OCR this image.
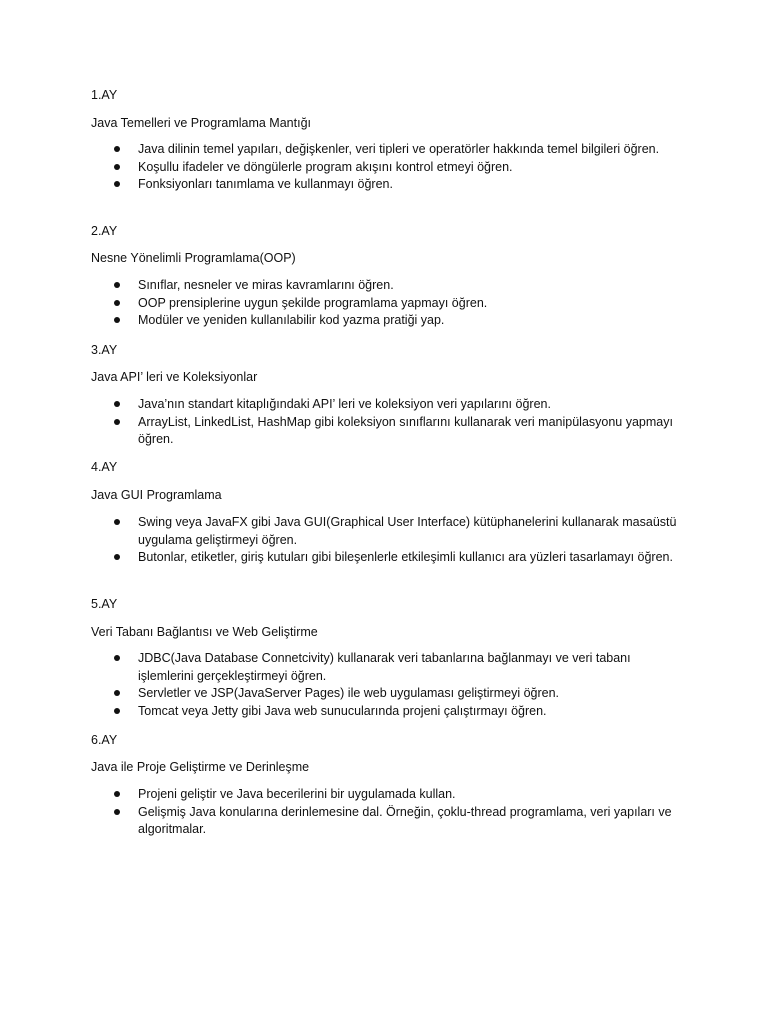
1.AY
Java Temelleri ve Programlama Mantığı
Java dilinin temel yapıları, değişkenler, veri tipleri ve operatörler hakkında temel bilgileri öğren.
Koşullu ifadeler ve döngülerle program akışını kontrol etmeyi öğren.
Fonksiyonları tanımlama ve kullanmayı öğren.
2.AY
Nesne Yönelimli Programlama(OOP)
Sınıflar, nesneler ve miras kavramlarını öğren.
OOP prensiplerine uygun şekilde programlama yapmayı öğren.
Modüler ve yeniden kullanılabilir kod yazma pratiği yap.
3.AY
Java API’ leri ve Koleksiyonlar
Java’nın standart kitaplığındaki API’ leri ve koleksiyon veri yapılarını öğren.
ArrayList, LinkedList, HashMap gibi koleksiyon sınıflarını kullanarak veri manipülasyonu yapmayı öğren.
4.AY
Java GUI Programlama
Swing veya JavaFX gibi Java GUI(Graphical User Interface) kütüphanelerini kullanarak masaüstü uygulama geliştirmeyi öğren.
Butonlar, etiketler, giriş kutuları gibi bileşenlerle etkileşimli kullanıcı ara yüzleri tasarlamayı öğren.
5.AY
Veri Tabanı Bağlantısı ve Web Geliştirme
JDBC(Java Database Connetcivity) kullanarak veri tabanlarına bağlanmayı ve veri tabanı işlemlerini gerçekleştirmeyi öğren.
Servletler ve JSP(JavaServer Pages) ile web uygulaması geliştirmeyi öğren.
Tomcat veya Jetty gibi Java web sunucularında projeni çalıştırmayı öğren.
6.AY
Java ile Proje Geliştirme ve Derinleşme
Projeni geliştir ve Java becerilerini bir uygulamada kullan.
Gelişmiş Java konularına derinlemesine dal. Örneğin, çoklu-thread programlama, veri yapıları ve algoritmalar.
